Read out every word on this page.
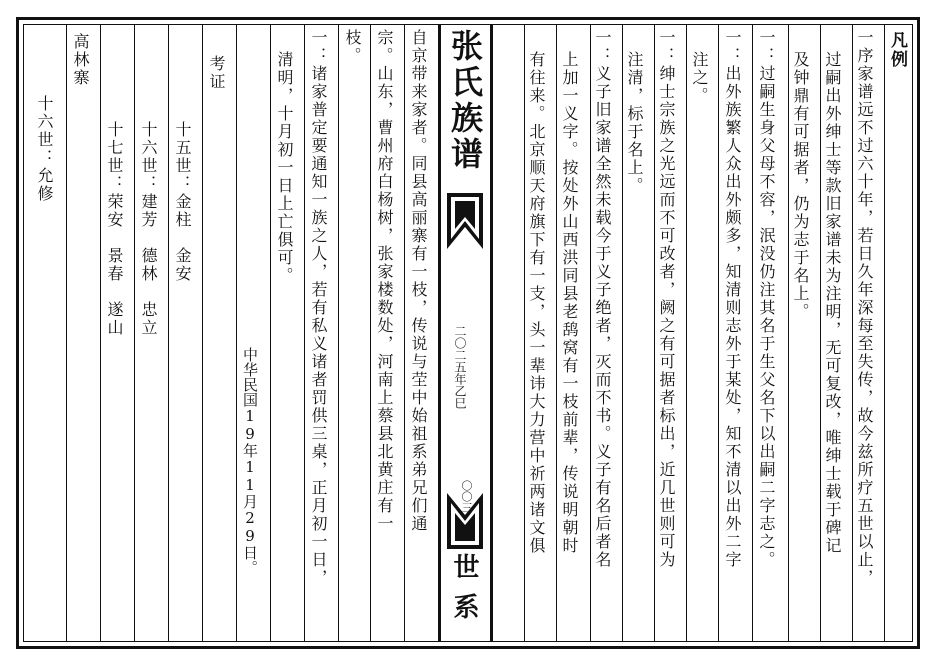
凡例
一序家谱远不过六十年，若日久年深每至失传，故今兹所疗五世以止，
过嗣出外绅士等款旧家谱未为注明，无可复改，唯绅士载于碑记
及钟鼎有可据者，仍为志于名上。
一：过嗣生身父母不容，泯没仍注其名于生父名下以出嗣二字志之。
一：出外族繁人众出外颇多，知清则志外于某处，知不清以出外二字
注之。
一：绅士宗族之光远而不可改者，阙之有可据者标出，近几世则可为
注清，标于名上。
一：义子旧家谱全然未载今于义子绝者，灭而不书。义子有名后者名
上加一义字。按处外山西洪同县老鸹窝有一枝前辈，传说明朝时
有往来。北京顺天府旗下有一支，头一辈讳大力营中祈两诸文俱
张氏族谱
二〇二五年乙巳
〇〇三
世系
自京带来家者。同县高丽寨有一枝，传说与茔中始祖系弟兄们通
宗。山东，曹州府白杨树，张家楼数处，河南上蔡县北黄庄有一
枝。
一：诸家普定要通知一族之人，若有私义诸者罚供三桌，正月初一日，
清明，十月初一日上亡俱可。
中华民国19年11月29日。
考证
十五世：金柱　金安
十六世：建芳　德林　忠立
十七世：荣安　景春　遂山
高林寨
十六世：允修
